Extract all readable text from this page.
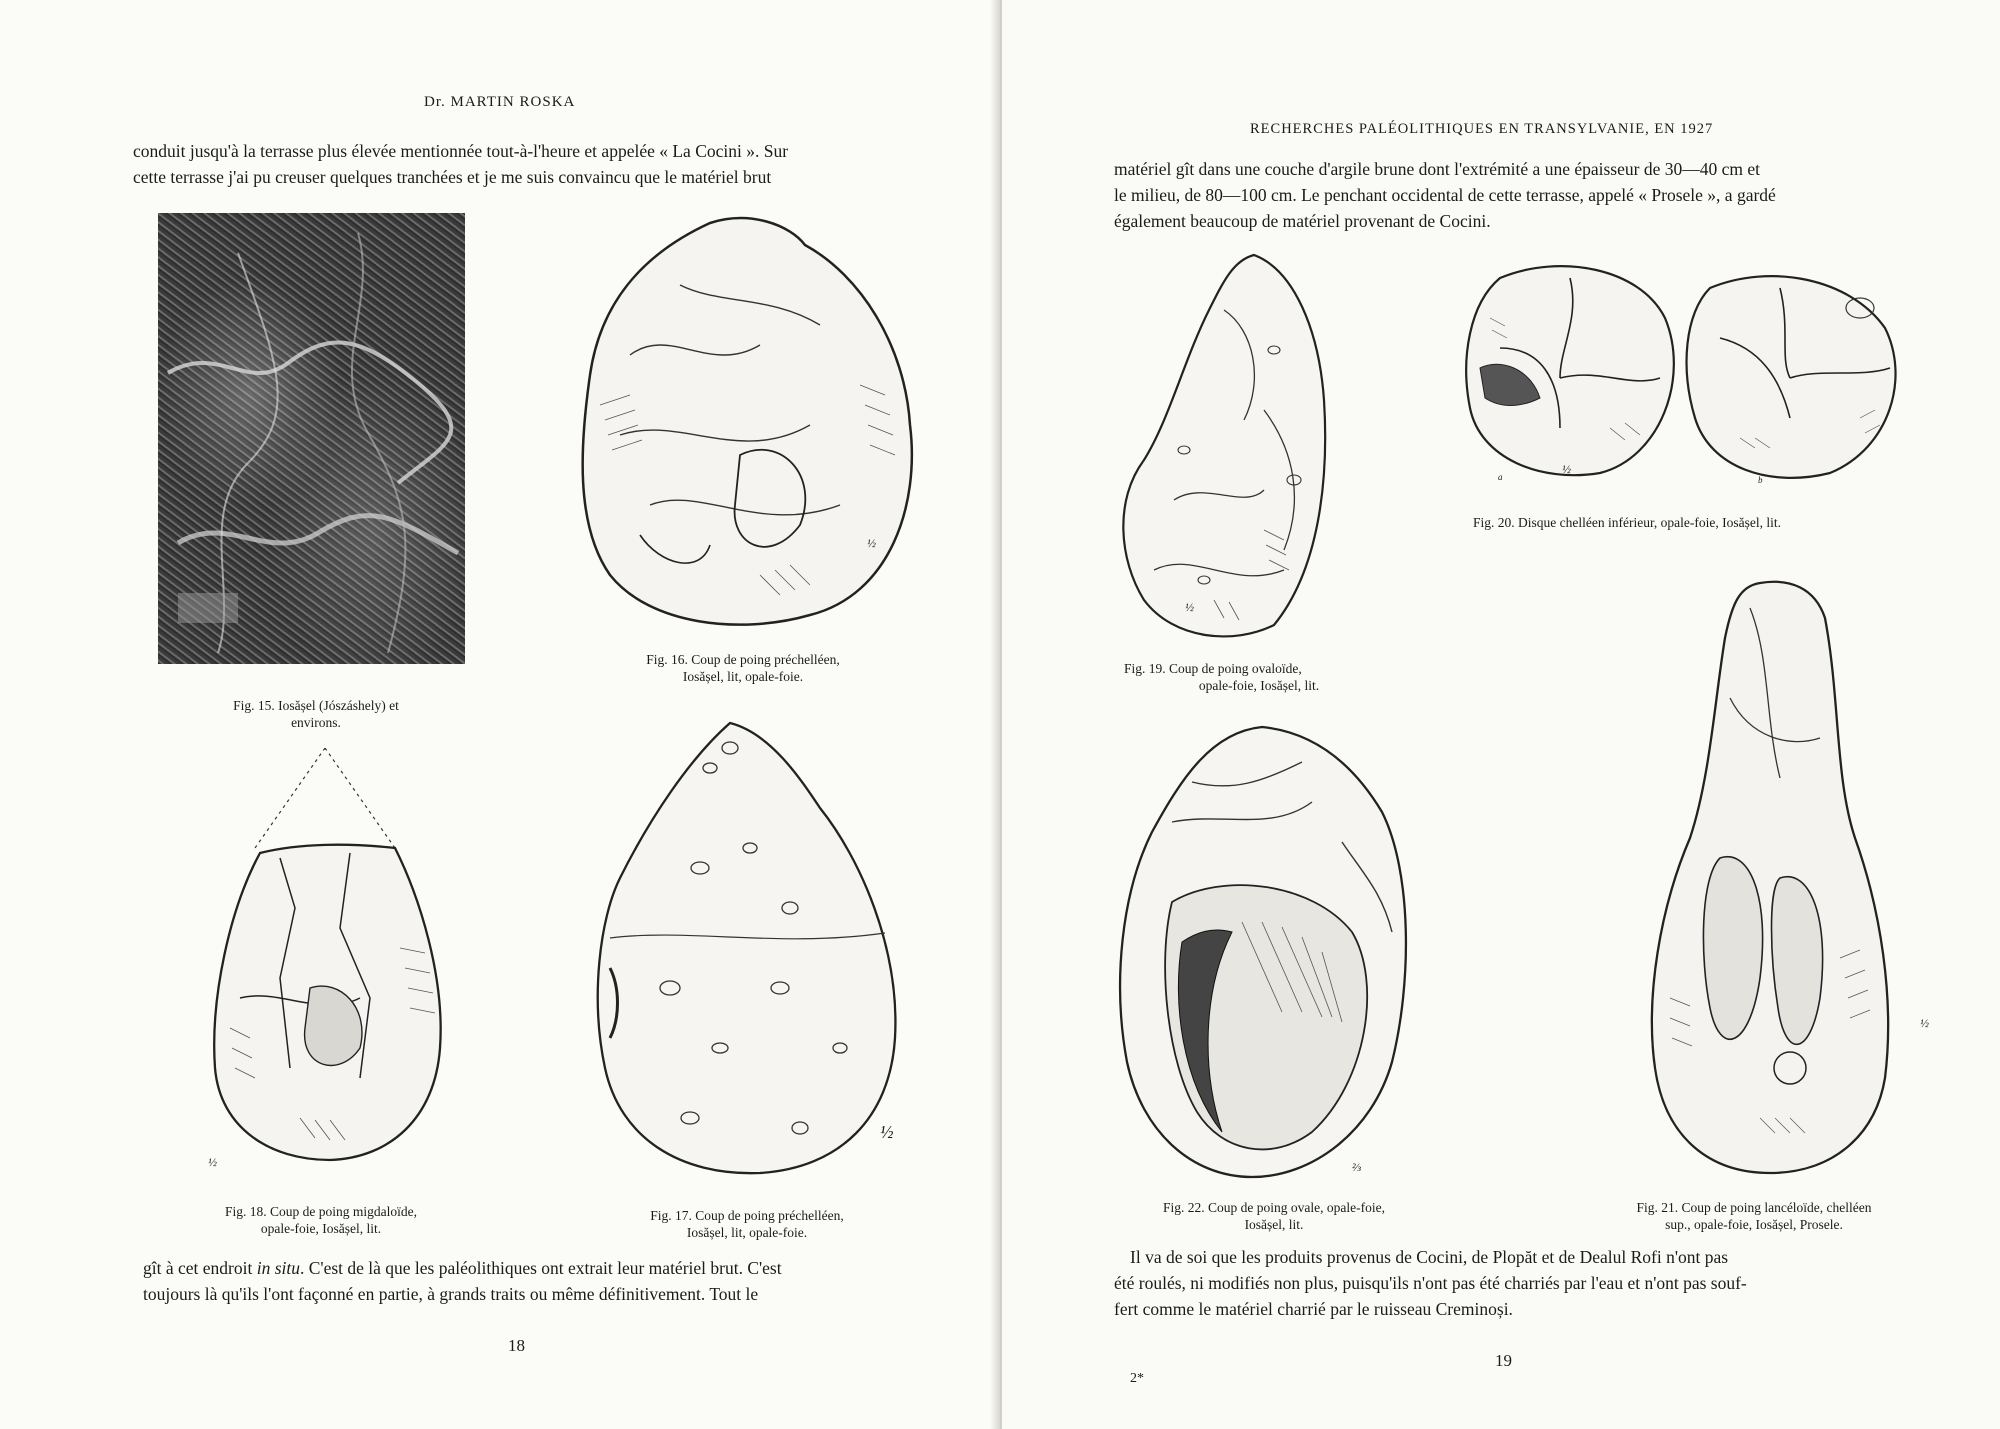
Dr. MARTIN ROSKA
conduit jusqu'à la terrasse plus élevée mentionnée tout-à-l'heure et appelée « La Cocini ». Sur
cette terrasse j'ai pu creuser quelques tranchées et je me suis convaincu que le matériel brut
Fig. 15. Iosășel (Jószáshely) et
environs.
½
Fig. 16. Coup de poing préchelléen,
Iosășel, lit, opale-foie.
½
Fig. 18. Coup de poing migdaloïde,
opale-foie, Iosășel, lit.
½
Fig. 17. Coup de poing préchelléen,
Iosășel, lit, opale-foie.
gît à cet endroit in situ. C'est de là que les paléolithiques ont extrait leur matériel brut. C'est
toujours là qu'ils l'ont façonné en partie, à grands traits ou même définitivement. Tout le
18
RECHERCHES PALÉOLITHIQUES EN TRANSYLVANIE, EN 1927
matériel gît dans une couche d'argile brune dont l'extrémité a une épaisseur de 30—40 cm et
le milieu, de 80—100 cm. Le penchant occidental de cette terrasse, appelé « Prosele », a gardé
également beaucoup de matériel provenant de Cocini.
½
Fig. 19. Coup de poing ovaloïde,
opale-foie, Iosășel, lit.
a
½
b
Fig. 20. Disque chelléen inférieur, opale-foie, Iosășel, lit.
⅔
Fig. 22. Coup de poing ovale, opale-foie,
Iosășel, lit.
½
Fig. 21. Coup de poing lancéloïde, chelléen
sup., opale-foie, Iosășel, Prosele.
Il va de soi que les produits provenus de Cocini, de Plopăt et de Dealul Rofi n'ont pas
été roulés, ni modifiés non plus, puisqu'ils n'ont pas été charriés par l'eau et n'ont pas souf-
fert comme le matériel charrié par le ruisseau Creminoși.
19
2*
